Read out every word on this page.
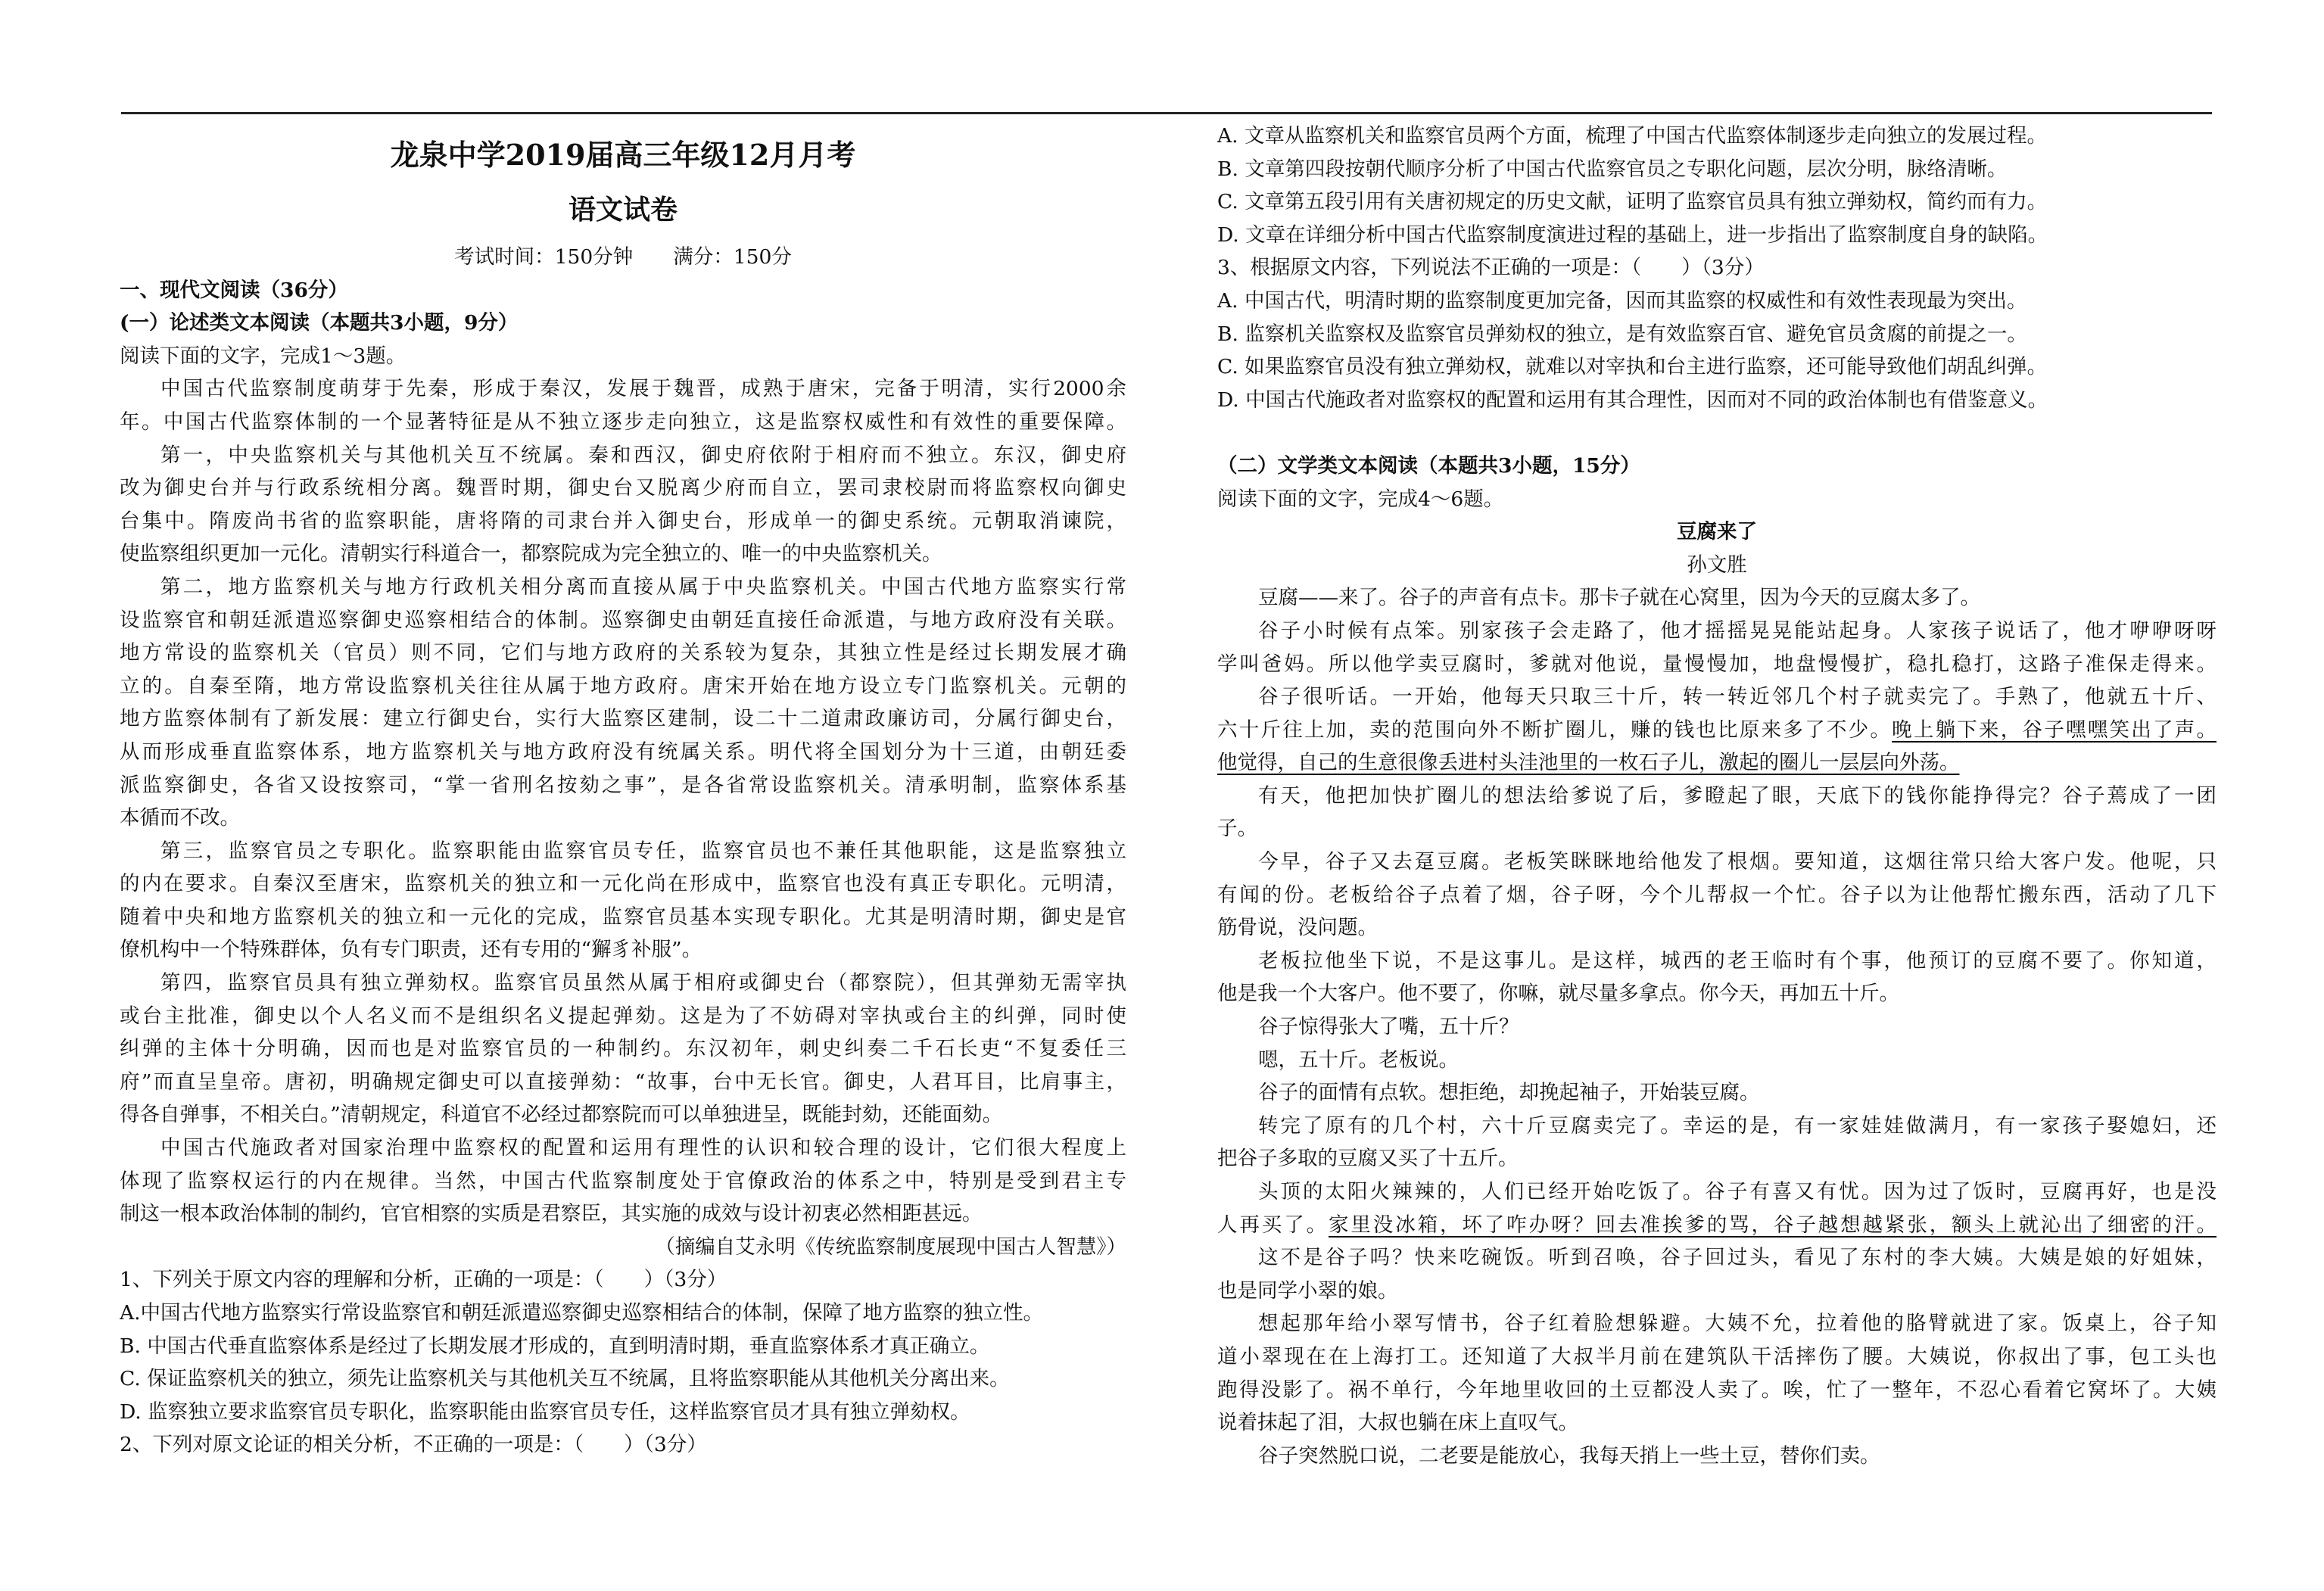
龙泉中学2019届高三年级12月月考
语文试卷
考试时间：150分钟　　满分：150分
一、现代文阅读（36分）
(一）论述类文本阅读（本题共3小题，9分）
阅读下面的文字，完成1～3题。
中国古代监察制度萌芽于先秦，形成于秦汉，发展于魏晋，成熟于唐宋，完备于明清，实行2000余
年。中国古代监察体制的一个显著特征是从不独立逐步走向独立，这是监察权威性和有效性的重要保障。
第一，中央监察机关与其他机关互不统属。秦和西汉，御史府依附于相府而不独立。东汉，御史府
改为御史台并与行政系统相分离。魏晋时期，御史台又脱离少府而自立，罢司隶校尉而将监察权向御史
台集中。隋废尚书省的监察职能，唐将隋的司隶台并入御史台，形成单一的御史系统。元朝取消谏院，
使监察组织更加一元化。清朝实行科道合一，都察院成为完全独立的、唯一的中央监察机关。
第二，地方监察机关与地方行政机关相分离而直接从属于中央监察机关。中国古代地方监察实行常
设监察官和朝廷派遣巡察御史巡察相结合的体制。巡察御史由朝廷直接任命派遣，与地方政府没有关联。
地方常设的监察机关（官员）则不同，它们与地方政府的关系较为复杂，其独立性是经过长期发展才确
立的。自秦至隋，地方常设监察机关往往从属于地方政府。唐宋开始在地方设立专门监察机关。元朝的
地方监察体制有了新发展：建立行御史台，实行大监察区建制，设二十二道肃政廉访司，分属行御史台，
从而形成垂直监察体系，地方监察机关与地方政府没有统属关系。明代将全国划分为十三道，由朝廷委
派监察御史，各省又设按察司，“掌一省刑名按劾之事”，是各省常设监察机关。清承明制，监察体系基
本循而不改。
第三，监察官员之专职化。监察职能由监察官员专任，监察官员也不兼任其他职能，这是监察独立
的内在要求。自秦汉至唐宋，监察机关的独立和一元化尚在形成中，监察官也没有真正专职化。元明清，
随着中央和地方监察机关的独立和一元化的完成，监察官员基本实现专职化。尤其是明清时期，御史是官
僚机构中一个特殊群体，负有专门职责，还有专用的“獬豸补服”。
第四，监察官员具有独立弹劾权。监察官员虽然从属于相府或御史台（都察院），但其弹劾无需宰执
或台主批准，御史以个人名义而不是组织名义提起弹劾。这是为了不妨碍对宰执或台主的纠弹，同时使
纠弹的主体十分明确，因而也是对监察官员的一种制约。东汉初年，刺史纠奏二千石长吏“不复委任三
府”而直呈皇帝。唐初，明确规定御史可以直接弹劾：“故事，台中无长官。御史，人君耳目，比肩事主，
得各自弹事，不相关白。”清朝规定，科道官不必经过都察院而可以单独进呈，既能封劾，还能面劾。
中国古代施政者对国家治理中监察权的配置和运用有理性的认识和较合理的设计，它们很大程度上
体现了监察权运行的内在规律。当然，中国古代监察制度处于官僚政治的体系之中，特别是受到君主专
制这一根本政治体制的制约，官官相察的实质是君察臣，其实施的成效与设计初衷必然相距甚远。
（摘编自艾永明《传统监察制度展现中国古人智慧》）
1、下列关于原文内容的理解和分析，正确的一项是：（　　）（3分）
A.中国古代地方监察实行常设监察官和朝廷派遣巡察御史巡察相结合的体制，保障了地方监察的独立性。
B. 中国古代垂直监察体系是经过了长期发展才形成的，直到明清时期，垂直监察体系才真正确立。
C. 保证监察机关的独立，须先让监察机关与其他机关互不统属，且将监察职能从其他机关分离出来。
D. 监察独立要求监察官员专职化，监察职能由监察官员专任，这样监察官员才具有独立弹劾权。
2、下列对原文论证的相关分析，不正确的一项是：（　　）（3分）
A. 文章从监察机关和监察官员两个方面，梳理了中国古代监察体制逐步走向独立的发展过程。
B. 文章第四段按朝代顺序分析了中国古代监察官员之专职化问题，层次分明，脉络清晰。
C. 文章第五段引用有关唐初规定的历史文献，证明了监察官员具有独立弹劾权，简约而有力。
D. 文章在详细分析中国古代监察制度演进过程的基础上，进一步指出了监察制度自身的缺陷。
3、根据原文内容，下列说法不正确的一项是：（　　）（3分）
A. 中国古代，明清时期的监察制度更加完备，因而其监察的权威性和有效性表现最为突出。
B. 监察机关监察权及监察官员弹劾权的独立，是有效监察百官、避免官员贪腐的前提之一。
C. 如果监察官员没有独立弹劾权，就难以对宰执和台主进行监察，还可能导致他们胡乱纠弹。
D. 中国古代施政者对监察权的配置和运用有其合理性，因而对不同的政治体制也有借鉴意义。
（二）文学类文本阅读（本题共3小题，15分）
阅读下面的文字，完成4～6题。
豆腐来了
孙文胜
豆腐——来了。谷子的声音有点卡。那卡子就在心窝里，因为今天的豆腐太多了。
谷子小时候有点笨。别家孩子会走路了，他才摇摇晃晃能站起身。人家孩子说话了，他才咿咿呀呀
学叫爸妈。所以他学卖豆腐时，爹就对他说，量慢慢加，地盘慢慢扩，稳扎稳打，这路子准保走得来。
谷子很听话。一开始，他每天只取三十斤，转一转近邻几个村子就卖完了。手熟了，他就五十斤、
六十斤往上加，卖的范围向外不断扩圈儿，赚的钱也比原来多了不少。晚上躺下来，谷子嘿嘿笑出了声。
他觉得，自己的生意很像丢进村头洼池里的一枚石子儿，激起的圈儿一层层向外荡。
有天，他把加快扩圈儿的想法给爹说了后，爹瞪起了眼，天底下的钱你能挣得完？谷子蔫成了一团
子。
今早，谷子又去趸豆腐。老板笑眯眯地给他发了根烟。要知道，这烟往常只给大客户发。他呢，只
有闻的份。老板给谷子点着了烟，谷子呀，今个儿帮叔一个忙。谷子以为让他帮忙搬东西，活动了几下
筋骨说，没问题。
老板拉他坐下说，不是这事儿。是这样，城西的老王临时有个事，他预订的豆腐不要了。你知道，
他是我一个大客户。他不要了，你嘛，就尽量多拿点。你今天，再加五十斤。
谷子惊得张大了嘴，五十斤？
嗯，五十斤。老板说。
谷子的面情有点软。想拒绝，却挽起袖子，开始装豆腐。
转完了原有的几个村，六十斤豆腐卖完了。幸运的是，有一家娃娃做满月，有一家孩子娶媳妇，还
把谷子多取的豆腐又买了十五斤。
头顶的太阳火辣辣的，人们已经开始吃饭了。谷子有喜又有忧。因为过了饭时，豆腐再好，也是没
人再买了。家里没冰箱，坏了咋办呀？回去准挨爹的骂，谷子越想越紧张，额头上就沁出了细密的汗。
这不是谷子吗？快来吃碗饭。听到召唤，谷子回过头，看见了东村的李大姨。大姨是娘的好姐妹，
也是同学小翠的娘。
想起那年给小翠写情书，谷子红着脸想躲避。大姨不允，拉着他的胳臂就进了家。饭桌上，谷子知
道小翠现在在上海打工。还知道了大叔半月前在建筑队干活摔伤了腰。大姨说，你叔出了事，包工头也
跑得没影了。祸不单行，今年地里收回的土豆都没人卖了。唉，忙了一整年，不忍心看着它窝坏了。大姨
说着抹起了泪，大叔也躺在床上直叹气。
谷子突然脱口说，二老要是能放心，我每天捎上一些土豆，替你们卖。
